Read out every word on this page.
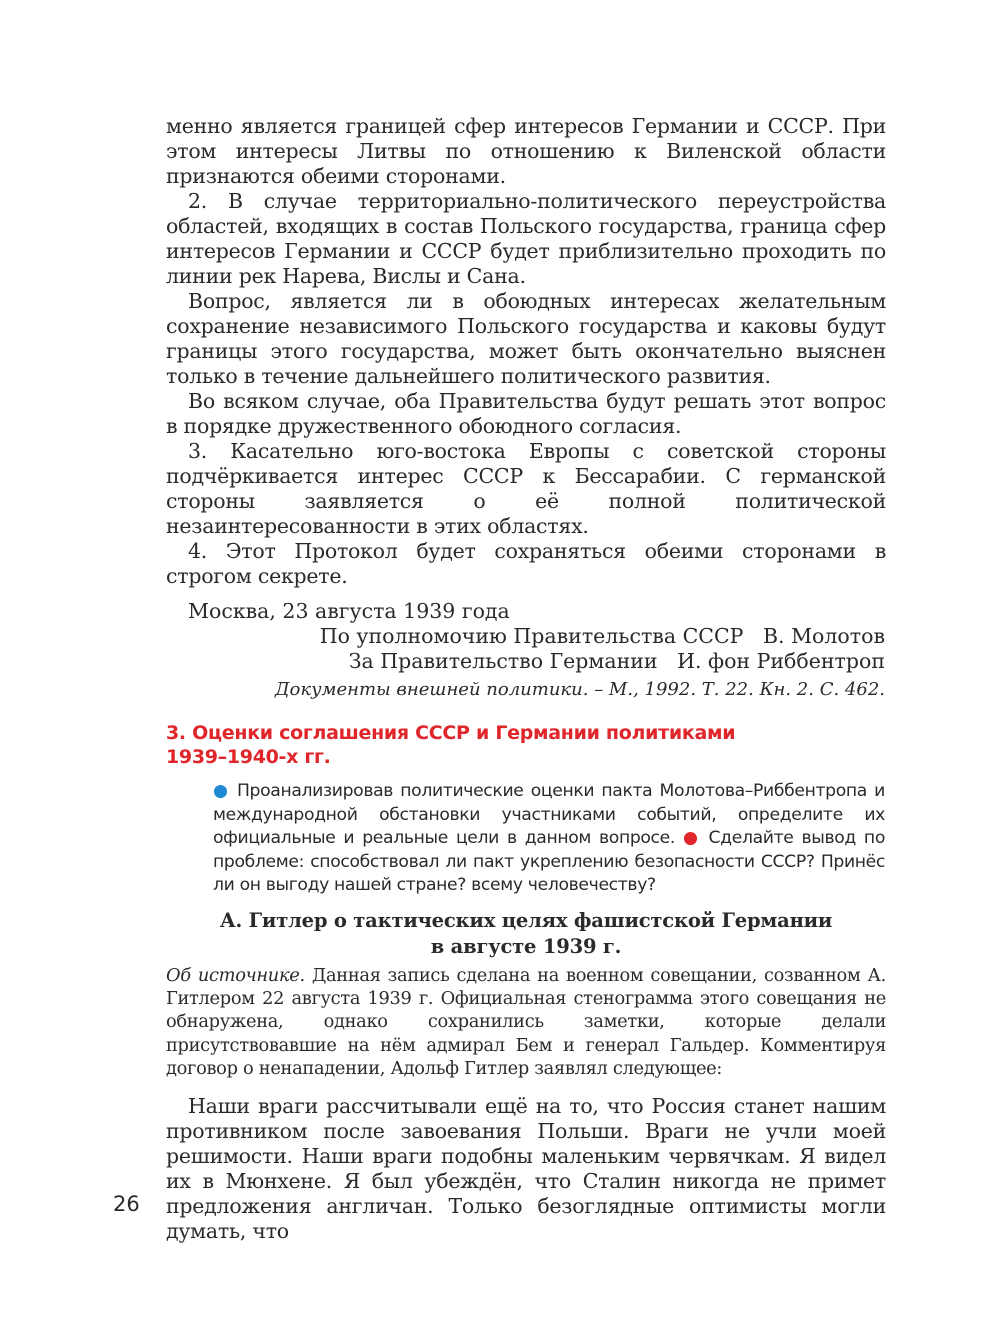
менно является границей сфер интересов Германии и СССР. При этом интересы Литвы по отношению к Виленской области признаются обеими сторонами.

2. В случае территориально-политического переустройства областей, входящих в состав Польского государства, граница сфер интересов Германии и СССР будет приблизительно проходить по линии рек Нарева, Вислы и Сана.

Вопрос, является ли в обоюдных интересах желательным сохранение независимого Польского государства и каковы будут границы этого государства, может быть окончательно выяснен только в течение дальнейшего политического развития.

Во всяком случае, оба Правительства будут решать этот вопрос в порядке дружественного обоюдного согласия.

3. Касательно юго-востока Европы с советской стороны подчёркивается интерес СССР к Бессарабии. С германской стороны заявляется о её полной политической незаинтересованности в этих областях.

4. Этот Протокол будет сохраняться обеими сторонами в строгом секрете.

Москва, 23 августа 1939 года
По уполномочию Правительства СССР   В. Молотов
За Правительство Германии   И. фон Риббентроп
Документы внешней политики. – М., 1992. Т. 22. Кн. 2. С. 462.
3. Оценки соглашения СССР и Германии политиками
1939–1940-х гг.
● Проанализировав политические оценки пакта Молотова–Риббентропа и международной обстановки участниками событий, определите их официальные и реальные цели в данном вопросе. ● Сделайте вывод по проблеме: способствовал ли пакт укреплению безопасности СССР? Принёс ли он выгоду нашей стране? всему человечеству?
А. Гитлер о тактических целях фашистской Германии
в августе 1939 г.
Об источнике. Данная запись сделана на военном совещании, созванном А. Гитлером 22 августа 1939 г. Официальная стенограмма этого совещания не обнаружена, однако сохранились заметки, которые делали присутствовавшие на нём адмирал Бем и генерал Гальдер. Комментируя договор о ненападении, Адольф Гитлер заявлял следующее:

Наши враги рассчитывали ещё на то, что Россия станет нашим противником после завоевания Польши. Враги не учли моей решимости. Наши враги подобны маленьким червячкам. Я видел их в Мюнхене. Я был убеждён, что Сталин никогда не примет предложения англичан. Только безоглядные оптимисты могли думать, что

26
